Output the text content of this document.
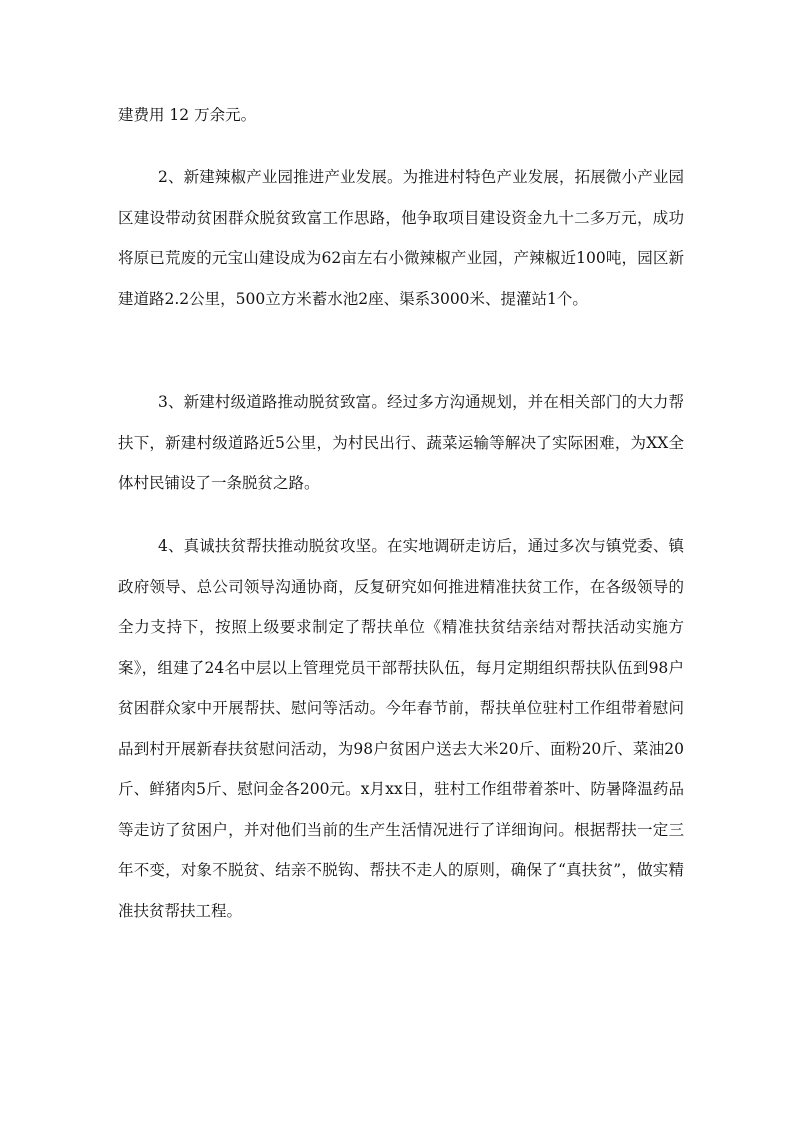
建费用 12 万余元。

2、新建辣椒产业园推进产业发展。为推进村特色产业发展，拓展微小产业园区建设带动贫困群众脱贫致富工作思路，他争取项目建设资金九十二多万元，成功将原已荒废的元宝山建设成为62亩左右小微辣椒产业园，产辣椒近100吨，园区新建道路2.2公里，500立方米蓄水池2座、渠系3000米、提灌站1个。

3、新建村级道路推动脱贫致富。经过多方沟通规划，并在相关部门的大力帮扶下，新建村级道路近5公里，为村民出行、蔬菜运输等解决了实际困难，为XX全体村民铺设了一条脱贫之路。

4、真诚扶贫帮扶推动脱贫攻坚。在实地调研走访后，通过多次与镇党委、镇政府领导、总公司领导沟通协商，反复研究如何推进精准扶贫工作，在各级领导的全力支持下，按照上级要求制定了帮扶单位《精准扶贫结亲结对帮扶活动实施方案》，组建了24名中层以上管理党员干部帮扶队伍，每月定期组织帮扶队伍到98户贫困群众家中开展帮扶、慰问等活动。今年春节前，帮扶单位驻村工作组带着慰问品到村开展新春扶贫慰问活动，为98户贫困户送去大米20斤、面粉20斤、菜油20斤、鲜猪肉5斤、慰问金各200元。x月xx日，驻村工作组带着茶叶、防暑降温药品等走访了贫困户，并对他们当前的生产生活情况进行了详细询问。根据帮扶一定三年不变，对象不脱贫、结亲不脱钩、帮扶不走人的原则，确保了“真扶贫”，做实精准扶贫帮扶工程。
